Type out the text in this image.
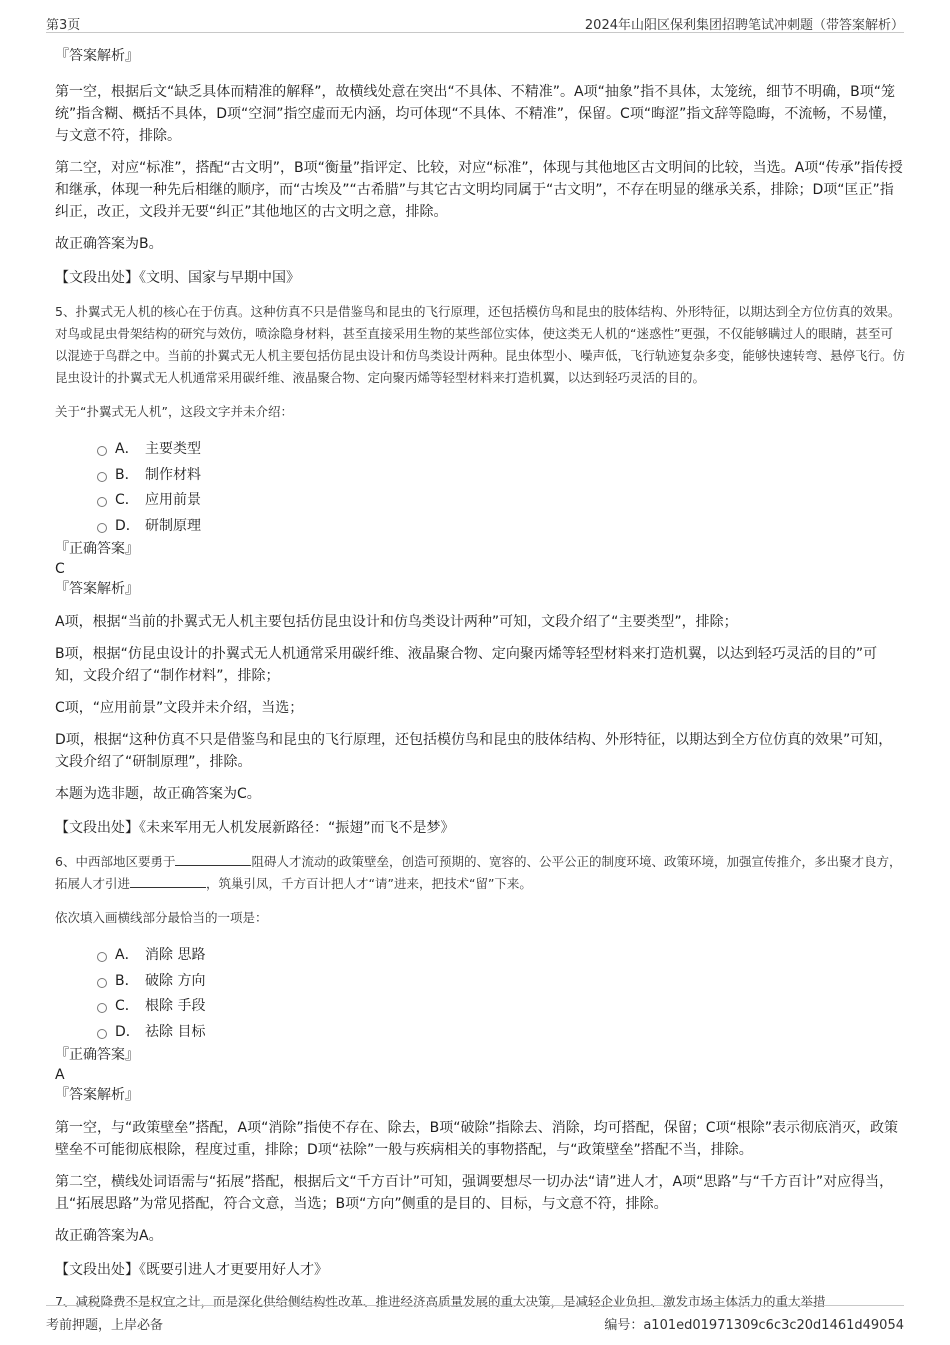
第3页	2024年山阳区保利集团招聘笔试冲刺题（带答案解析）

『答案解析』

第一空，根据后文“缺乏具体而精准的解释”，故横线处意在突出“不具体、不精准”。A项“抽象”指不具体，太笼统，细节不明确，B项“笼统”指含糊、概括不具体，D项“空洞”指空虚而无内涵，均可体现“不具体、不精准”，保留。C项“晦涩”指文辞等隐晦，不流畅，不易懂，与文意不符，排除。

第二空，对应“标准”，搭配“古文明”，B项“衡量”指评定、比较，对应“标准”，体现与其他地区古文明间的比较，当选。A项“传承”指传授和继承，体现一种先后相继的顺序，而“古埃及”“古希腊”与其它古文明均同属于“古文明”，不存在明显的继承关系，排除；D项“匡正”指纠正，改正，文段并无要“纠正”其他地区的古文明之意，排除。

故正确答案为B。

【文段出处】《文明、国家与早期中国》

5、扑翼式无人机的核心在于仿真。这种仿真不只是借鉴鸟和昆虫的飞行原理，还包括模仿鸟和昆虫的肢体结构、外形特征，以期达到全方位仿真的效果。对鸟或昆虫骨架结构的研究与效仿，喷涂隐身材料，甚至直接采用生物的某些部位实体，使这类无人机的“迷惑性”更强，不仅能够瞒过人的眼睛，甚至可以混迹于鸟群之中。当前的扑翼式无人机主要包括仿昆虫设计和仿鸟类设计两种。昆虫体型小、噪声低，飞行轨迹复杂多变，能够快速转弯、悬停飞行。仿昆虫设计的扑翼式无人机通常采用碳纤维、液晶聚合物、定向聚丙烯等轻型材料来打造机翼，以达到轻巧灵活的目的。

关于“扑翼式无人机”，这段文字并未介绍：

A． 主要类型
B． 制作材料
C． 应用前景
D． 研制原理

『正确答案』

C

『答案解析』

A项，根据“当前的扑翼式无人机主要包括仿昆虫设计和仿鸟类设计两种”可知，文段介绍了“主要类型”，排除；

B项，根据“仿昆虫设计的扑翼式无人机通常采用碳纤维、液晶聚合物、定向聚丙烯等轻型材料来打造机翼，以达到轻巧灵活的目的”可知，文段介绍了“制作材料”，排除；

C项，“应用前景”文段并未介绍，当选；

D项，根据“这种仿真不只是借鉴鸟和昆虫的飞行原理，还包括模仿鸟和昆虫的肢体结构、外形特征，以期达到全方位仿真的效果”可知，文段介绍了“研制原理”，排除。

本题为选非题，故正确答案为C。

【文段出处】《未来军用无人机发展新路径：“振翅”而飞不是梦》

6、中西部地区要勇于	阻碍人才流动的政策壁垒，创造可预期的、宽容的、公平公正的制度环境、政策环境，加强宣传推介，多出聚才良方，拓展人才引进	，筑巢引凤，千方百计把人才“请”进来，把技术“留”下来。

依次填入画横线部分最恰当的一项是：

A． 消除 思路
B． 破除 方向
C． 根除 手段
D． 祛除 目标

『正确答案』

A

『答案解析』

第一空，与“政策壁垒”搭配，A项“消除”指使不存在、除去，B项“破除”指除去、消除，均可搭配，保留；C项“根除”表示彻底消灭，政策壁垒不可能彻底根除，程度过重，排除；D项“祛除”一般与疾病相关的事物搭配，与“政策壁垒”搭配不当，排除。

第二空，横线处词语需与“拓展”搭配，根据后文“千方百计”可知，强调要想尽一切办法“请”进人才，A项“思路”与“千方百计”对应得当，且“拓展思路”为常见搭配，符合文意，当选；B项“方向”侧重的是目的、目标，与文意不符，排除。

故正确答案为A。

【文段出处】《既要引进人才更要用好人才》

7、减税降费不是权宜之计，而是深化供给侧结构性改革、推进经济高质量发展的重大决策，是减轻企业负担、激发市场主体活力的重大举措
考前押题，上岸必备	编号：a101ed01971309c6c3c20d1461d49054
